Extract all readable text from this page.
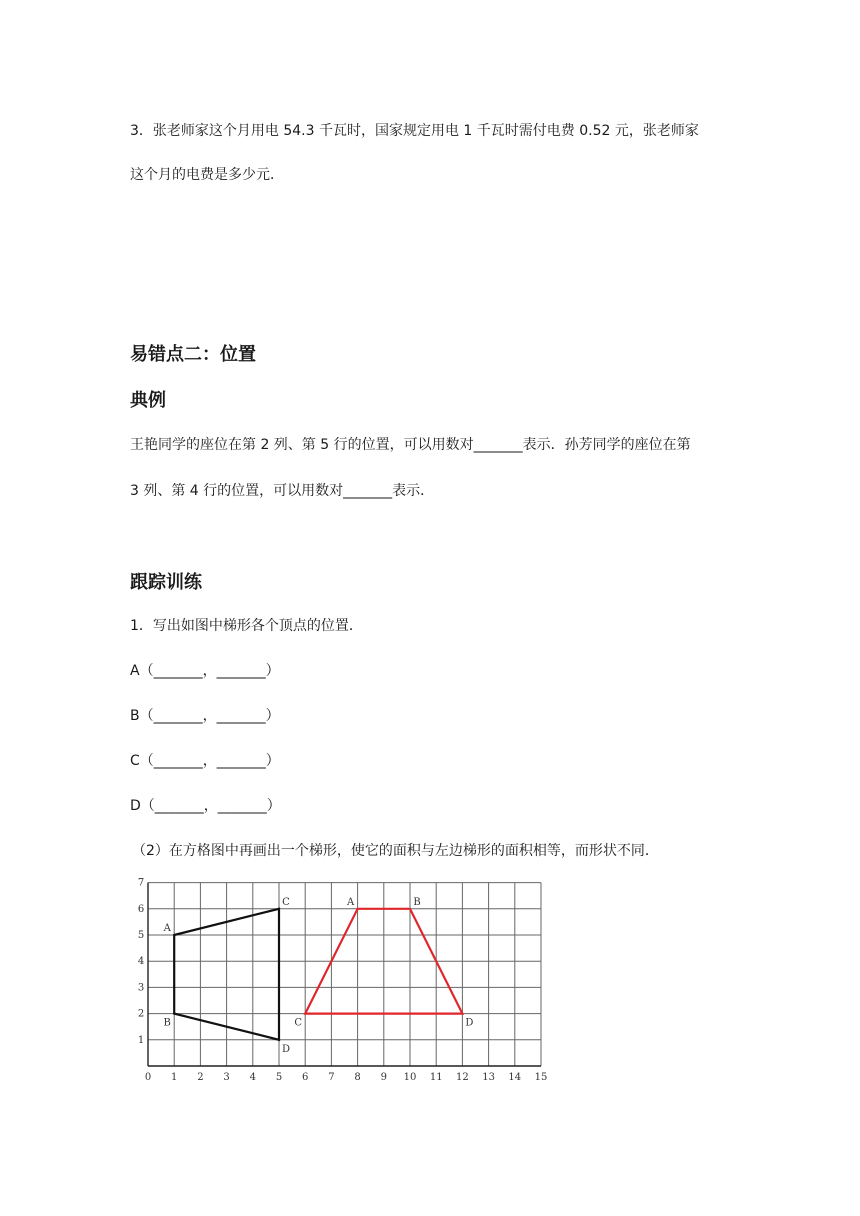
3．张老师家这个月用电 54.3 千瓦时，国家规定用电 1 千瓦时需付电费 0.52 元，张老师家
这个月的电费是多少元．
易错点二：位置
典例
王艳同学的座位在第 2 列、第 5 行的位置，可以用数对_______表示．孙芳同学的座位在第
3 列、第 4 行的位置，可以用数对_______表示．
跟踪训练
1．写出如图中梯形各个顶点的位置．
A（_______，_______）
B（_______，_______）
C（_______，_______）
D（_______，_______）
（2）在方格图中再画出一个梯形，使它的面积与左边梯形的面积相等，而形状不同．
0 1 2 3 4 5 6 7 8 9 10 11 12 13 14 15
1
2
3
4
5
6
7
A
C
D
B
A	B
D
C
